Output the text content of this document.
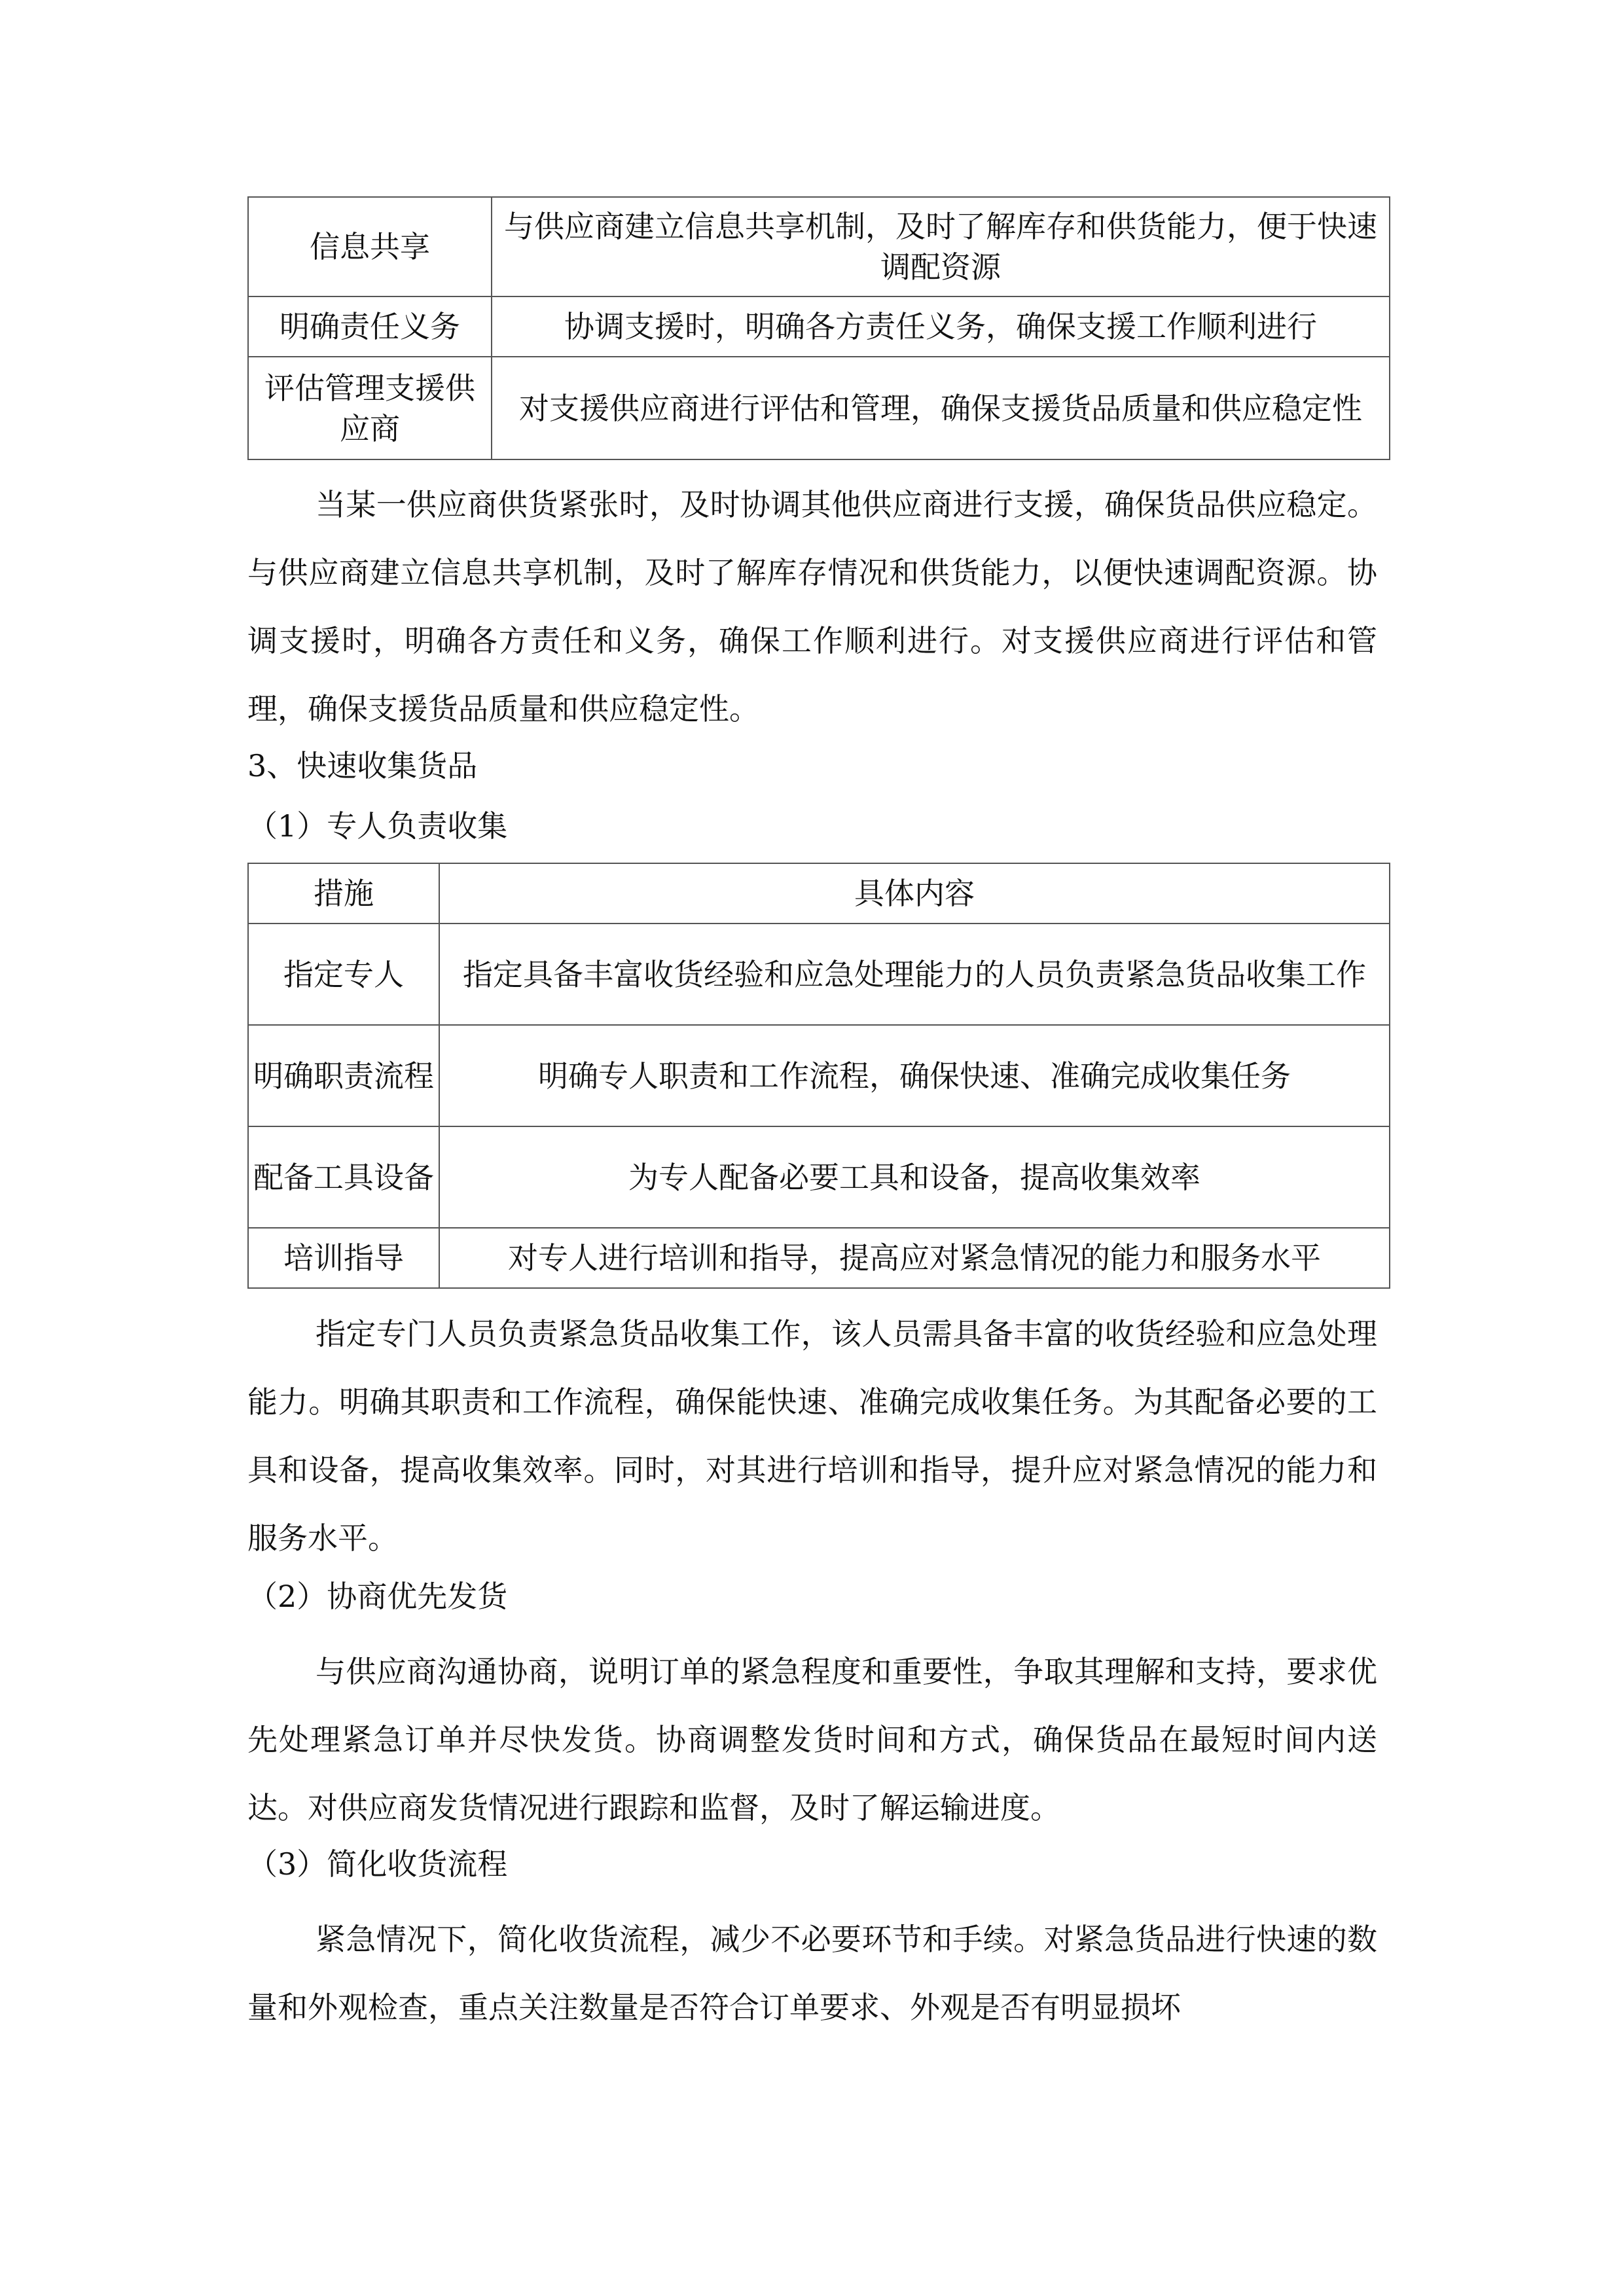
信息共享	与供应商建立信息共享机制，及时了解库存和供货能力，便于快速调配资源
明确责任义务	协调支援时，明确各方责任义务，确保支援工作顺利进行
评估管理支援供应商	对支援供应商进行评估和管理，确保支援货品质量和供应稳定性

当某一供应商供货紧张时，及时协调其他供应商进行支援，确保货品供应稳定。与供应商建立信息共享机制，及时了解库存情况和供货能力，以便快速调配资源。协调支援时，明确各方责任和义务，确保工作顺利进行。对支援供应商进行评估和管理，确保支援货品质量和供应稳定性。

3、快速收集货品
（1）专人负责收集
措施	具体内容
指定专人	指定具备丰富收货经验和应急处理能力的人员负责紧急货品收集工作
明确职责流程	明确专人职责和工作流程，确保快速、准确完成收集任务
配备工具设备	为专人配备必要工具和设备，提高收集效率
培训指导	对专人进行培训和指导，提高应对紧急情况的能力和服务水平

指定专门人员负责紧急货品收集工作，该人员需具备丰富的收货经验和应急处理能力。明确其职责和工作流程，确保能快速、准确完成收集任务。为其配备必要的工具和设备，提高收集效率。同时，对其进行培训和指导，提升应对紧急情况的能力和服务水平。

（2）协商优先发货

与供应商沟通协商，说明订单的紧急程度和重要性，争取其理解和支持，要求优先处理紧急订单并尽快发货。协商调整发货时间和方式，确保货品在最短时间内送达。对供应商发货情况进行跟踪和监督，及时了解运输进度。

（3）简化收货流程

紧急情况下，简化收货流程，减少不必要环节和手续。对紧急货品进行快速的数量和外观检查，重点关注数量是否符合订单要求、外观是否有明显损坏
